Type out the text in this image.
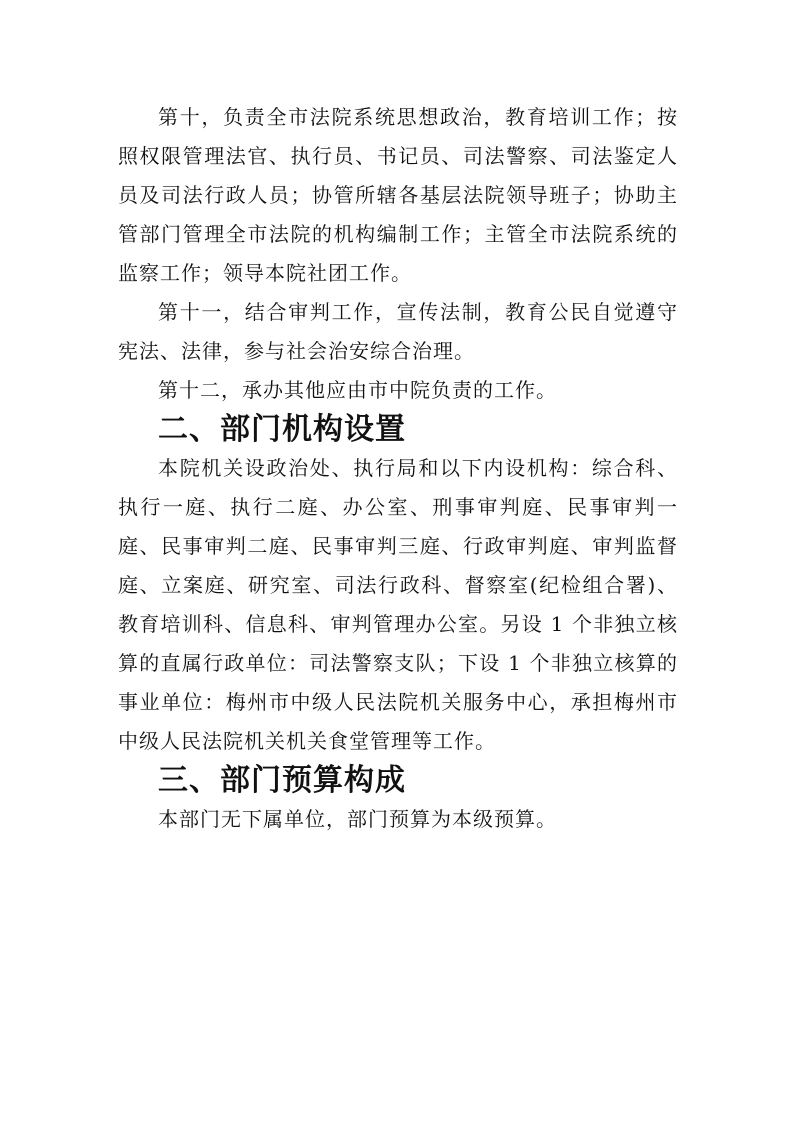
第十，负责全市法院系统思想政治，教育培训工作；按照权限管理法官、执行员、书记员、司法警察、司法鉴定人员及司法行政人员；协管所辖各基层法院领导班子；协助主管部门管理全市法院的机构编制工作；主管全市法院系统的监察工作；领导本院社团工作。

第十一，结合审判工作，宣传法制，教育公民自觉遵守宪法、法律，参与社会治安综合治理。

第十二，承办其他应由市中院负责的工作。

二、部门机构设置

本院机关设政治处、执行局和以下内设机构：综合科、执行一庭、执行二庭、办公室、刑事审判庭、民事审判一庭、民事审判二庭、民事审判三庭、行政审判庭、审判监督庭、立案庭、研究室、司法行政科、督察室(纪检组合署)、教育培训科、信息科、审判管理办公室。另设 1 个非独立核算的直属行政单位：司法警察支队；下设 1 个非独立核算的事业单位：梅州市中级人民法院机关服务中心，承担梅州市中级人民法院机关机关食堂管理等工作。

三、部门预算构成

本部门无下属单位，部门预算为本级预算。
